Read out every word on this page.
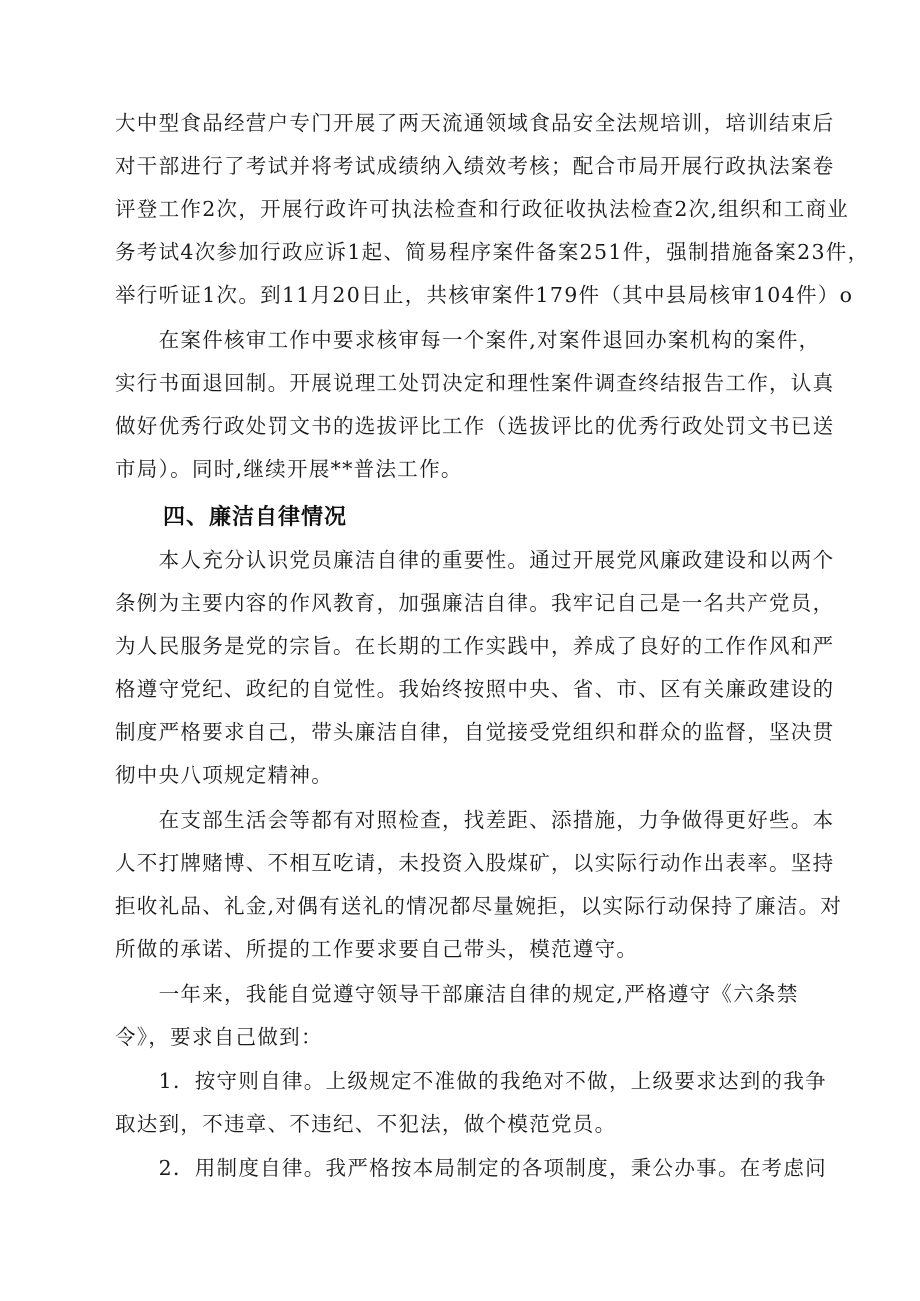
大中型食品经营户专门开展了两天流通领域食品安全法规培训，培训结束后
对干部进行了考试并将考试成绩纳入绩效考核；配合市局开展行政执法案卷
评登工作2次，开展行政许可执法检查和行政征收执法检查2次,组织和工商业
务考试4次参加行政应诉1起、简易程序案件备案251件，强制措施备案23件，
举行听证1次。到11月20日止，共核审案件179件（其中县局核审104件）o
　　在案件核审工作中要求核审每一个案件,对案件退回办案机构的案件，
实行书面退回制。开展说理工处罚决定和理性案件调查终结报告工作，认真
做好优秀行政处罚文书的选拔评比工作（选拔评比的优秀行政处罚文书已送
市局）。同时,继续开展**普法工作。
四、廉洁自律情况
　　本人充分认识党员廉洁自律的重要性。通过开展党风廉政建设和以两个
条例为主要内容的作风教育，加强廉洁自律。我牢记自己是一名共产党员，
为人民服务是党的宗旨。在长期的工作实践中，养成了良好的工作作风和严
格遵守党纪、政纪的自觉性。我始终按照中央、省、市、区有关廉政建设的
制度严格要求自己，带头廉洁自律，自觉接受党组织和群众的监督，坚决贯
彻中央八项规定精神。
　　在支部生活会等都有对照检查，找差距、添措施，力争做得更好些。本
人不打牌赌博、不相互吃请，未投资入股煤矿，以实际行动作出表率。坚持
拒收礼品、礼金,对偶有送礼的情况都尽量婉拒，以实际行动保持了廉洁。对
所做的承诺、所提的工作要求要自己带头，模范遵守。
　　一年来，我能自觉遵守领导干部廉洁自律的规定,严格遵守《六条禁
令》，要求自己做到：
　　1．按守则自律。上级规定不准做的我绝对不做，上级要求达到的我争
取达到，不违章、不违纪、不犯法，做个模范党员。
　　2．用制度自律。我严格按本局制定的各项制度，秉公办事。在考虑问
